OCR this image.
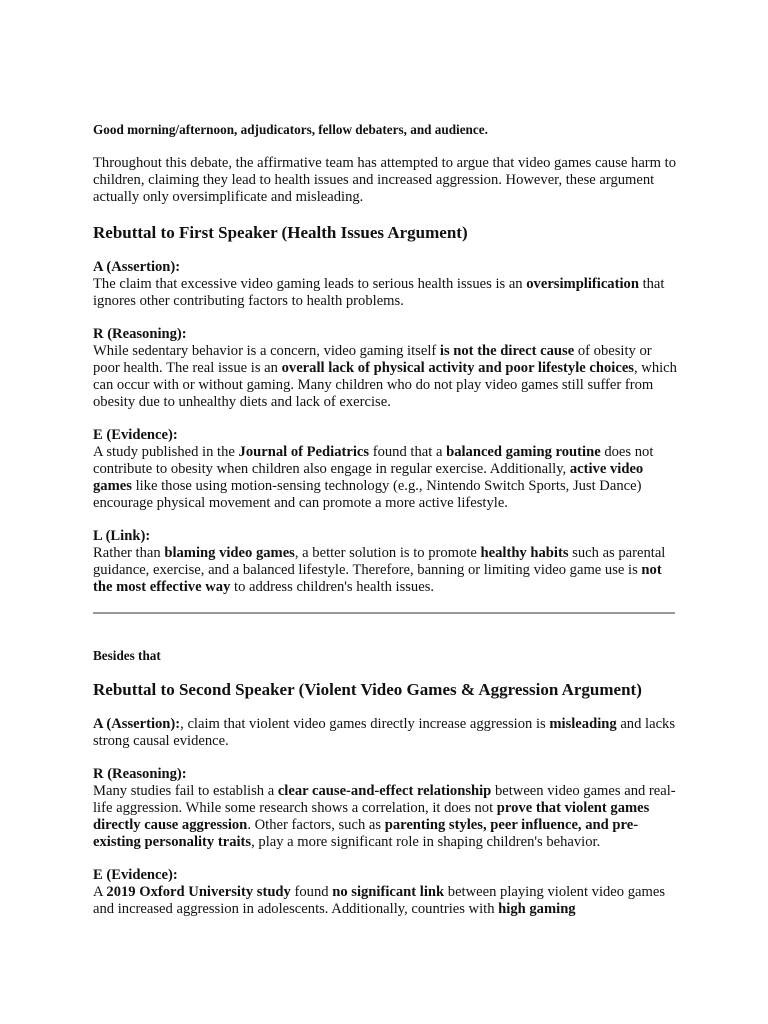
Good morning/afternoon, adjudicators, fellow debaters, and audience.

Throughout this debate, the affirmative team has attempted to argue that video games cause harm to children, claiming they lead to health issues and increased aggression. However, these argument actually only oversimplificate and misleading.

Rebuttal to First Speaker (Health Issues Argument)
A (Assertion):
The claim that excessive video gaming leads to serious health issues is an oversimplification that ignores other contributing factors to health problems.
R (Reasoning):
While sedentary behavior is a concern, video gaming itself is not the direct cause of obesity or poor health. The real issue is an overall lack of physical activity and poor lifestyle choices, which can occur with or without gaming. Many children who do not play video games still suffer from obesity due to unhealthy diets and lack of exercise.
E (Evidence):
A study published in the Journal of Pediatrics found that a balanced gaming routine does not contribute to obesity when children also engage in regular exercise. Additionally, active video games like those using motion-sensing technology (e.g., Nintendo Switch Sports, Just Dance) encourage physical movement and can promote a more active lifestyle.
L (Link):
Rather than blaming video games, a better solution is to promote healthy habits such as parental guidance, exercise, and a balanced lifestyle. Therefore, banning or limiting video game use is not the most effective way to address children's health issues.

Besides that

Rebuttal to Second Speaker (Violent Video Games & Aggression Argument)
A (Assertion):, claim that violent video games directly increase aggression is misleading and lacks strong causal evidence.
R (Reasoning):
Many studies fail to establish a clear cause-and-effect relationship between video games and real-life aggression. While some research shows a correlation, it does not prove that violent games directly cause aggression. Other factors, such as parenting styles, peer influence, and pre-existing personality traits, play a more significant role in shaping children's behavior.
E (Evidence):
A 2019 Oxford University study found no significant link between playing violent video games and increased aggression in adolescents. Additionally, countries with high gaming
